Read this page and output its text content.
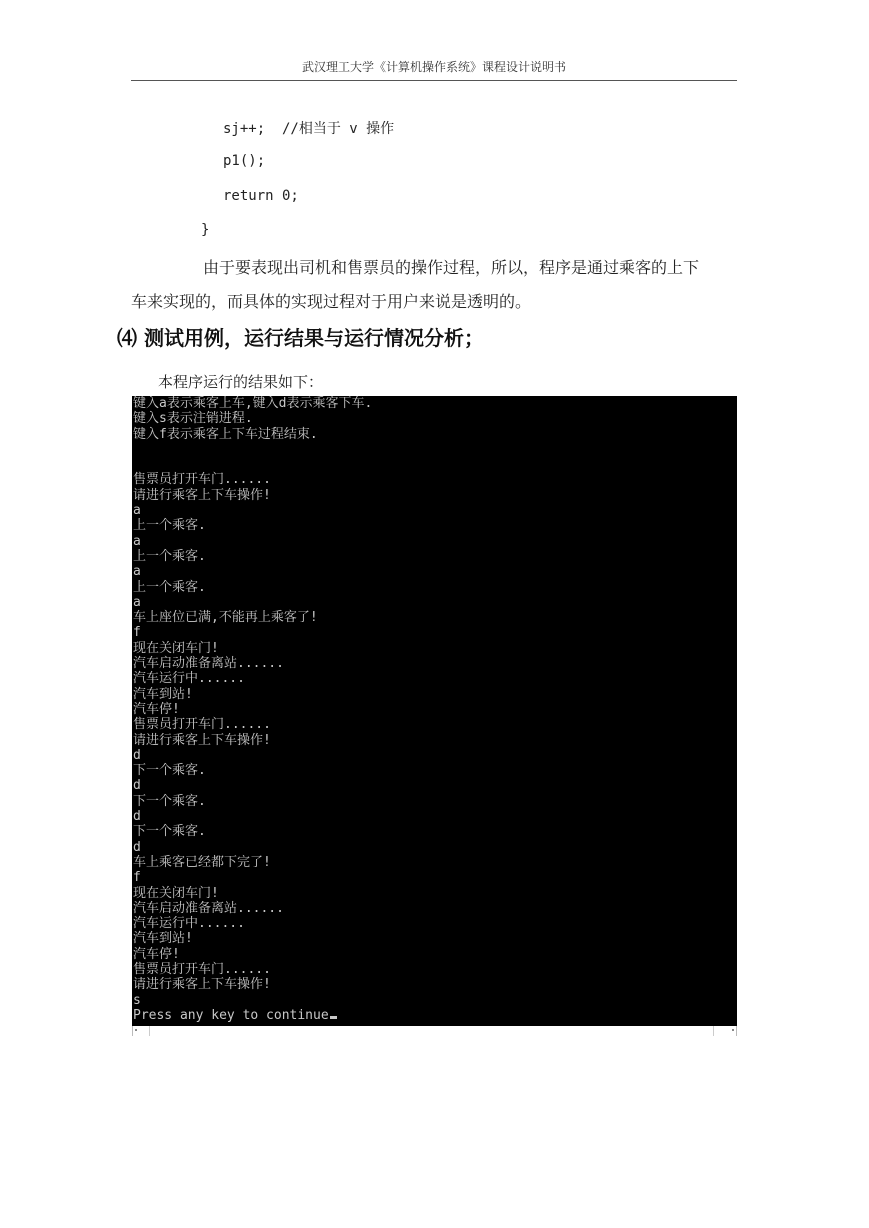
武汉理工大学《计算机操作系统》课程设计说明书
sj++;  //相当于 v 操作
p1();
return 0;
}
由于要表现出司机和售票员的操作过程，所以，程序是通过乘客的上下
车来实现的，而具体的实现过程对于用户来说是透明的。
⑷ 测试用例，运行结果与运行情况分析；
本程序运行的结果如下：
键入a表示乘客上车,键入d表示乘客下车.
键入s表示注销进程.
键入f表示乘客上下车过程结束.
售票员打开车门......
请进行乘客上下车操作!
a
上一个乘客.
a
上一个乘客.
a
上一个乘客.
a
车上座位已满,不能再上乘客了!
f
现在关闭车门!
汽车启动准备离站......
汽车运行中......
汽车到站!
汽车停!
售票员打开车门......
请进行乘客上下车操作!
d
下一个乘客.
d
下一个乘客.
d
下一个乘客.
d
车上乘客已经都下完了!
f
现在关闭车门!
汽车启动准备离站......
汽车运行中......
汽车到站!
汽车停!
售票员打开车门......
请进行乘客上下车操作!
s
Press any key to continue
